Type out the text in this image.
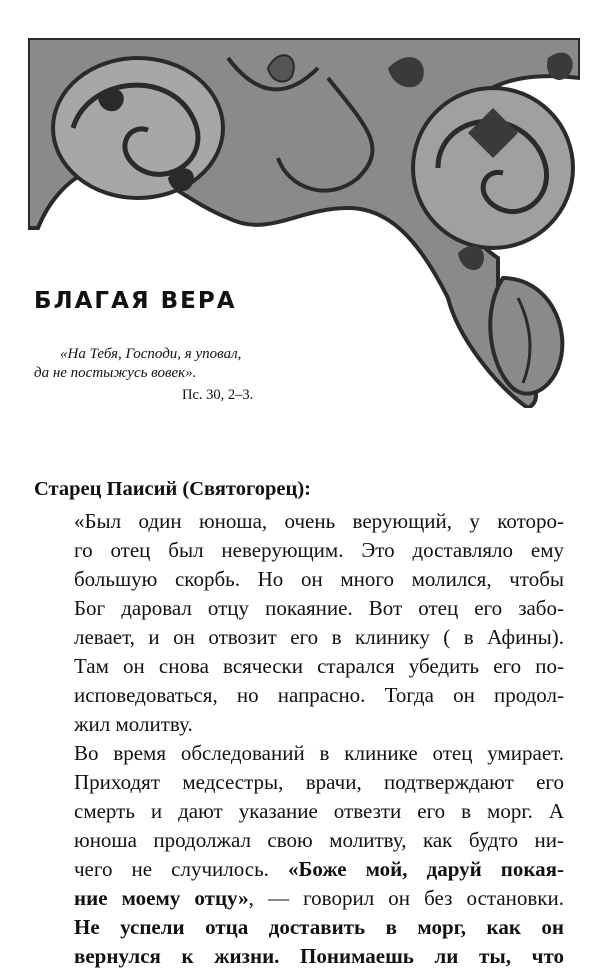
БЛАГАЯ ВЕРА
«На Тебя, Господи, я уповал,
да не постыжусь вовек».
Пс. 30, 2–3.
Старец Паисий (Святогорец):
«Был один юноша, очень верующий, у которо-
го отец был неверующим. Это доставляло ему
большую скорбь. Но он много молился, чтобы
Бог даровал отцу покаяние. Вот отец его забо-
левает, и он отвозит его в клинику ( в Афины).
Там он снова всячески старался убедить его по-
исповедоваться, но напрасно. Тогда он продол-
жил молитву.
Во время обследований в клинике отец умирает.
Приходят медсестры, врачи, подтверждают его
смерть и дают указание отвезти его в морг. А
юноша продолжал свою молитву, как будто ни-
чего не случилось. «Боже мой, даруй покая-
ние моему отцу», — говорил он без остановки.
Не успели отца доставить в морг, как он
вернулся к жизни. Понимаешь ли ты, что
